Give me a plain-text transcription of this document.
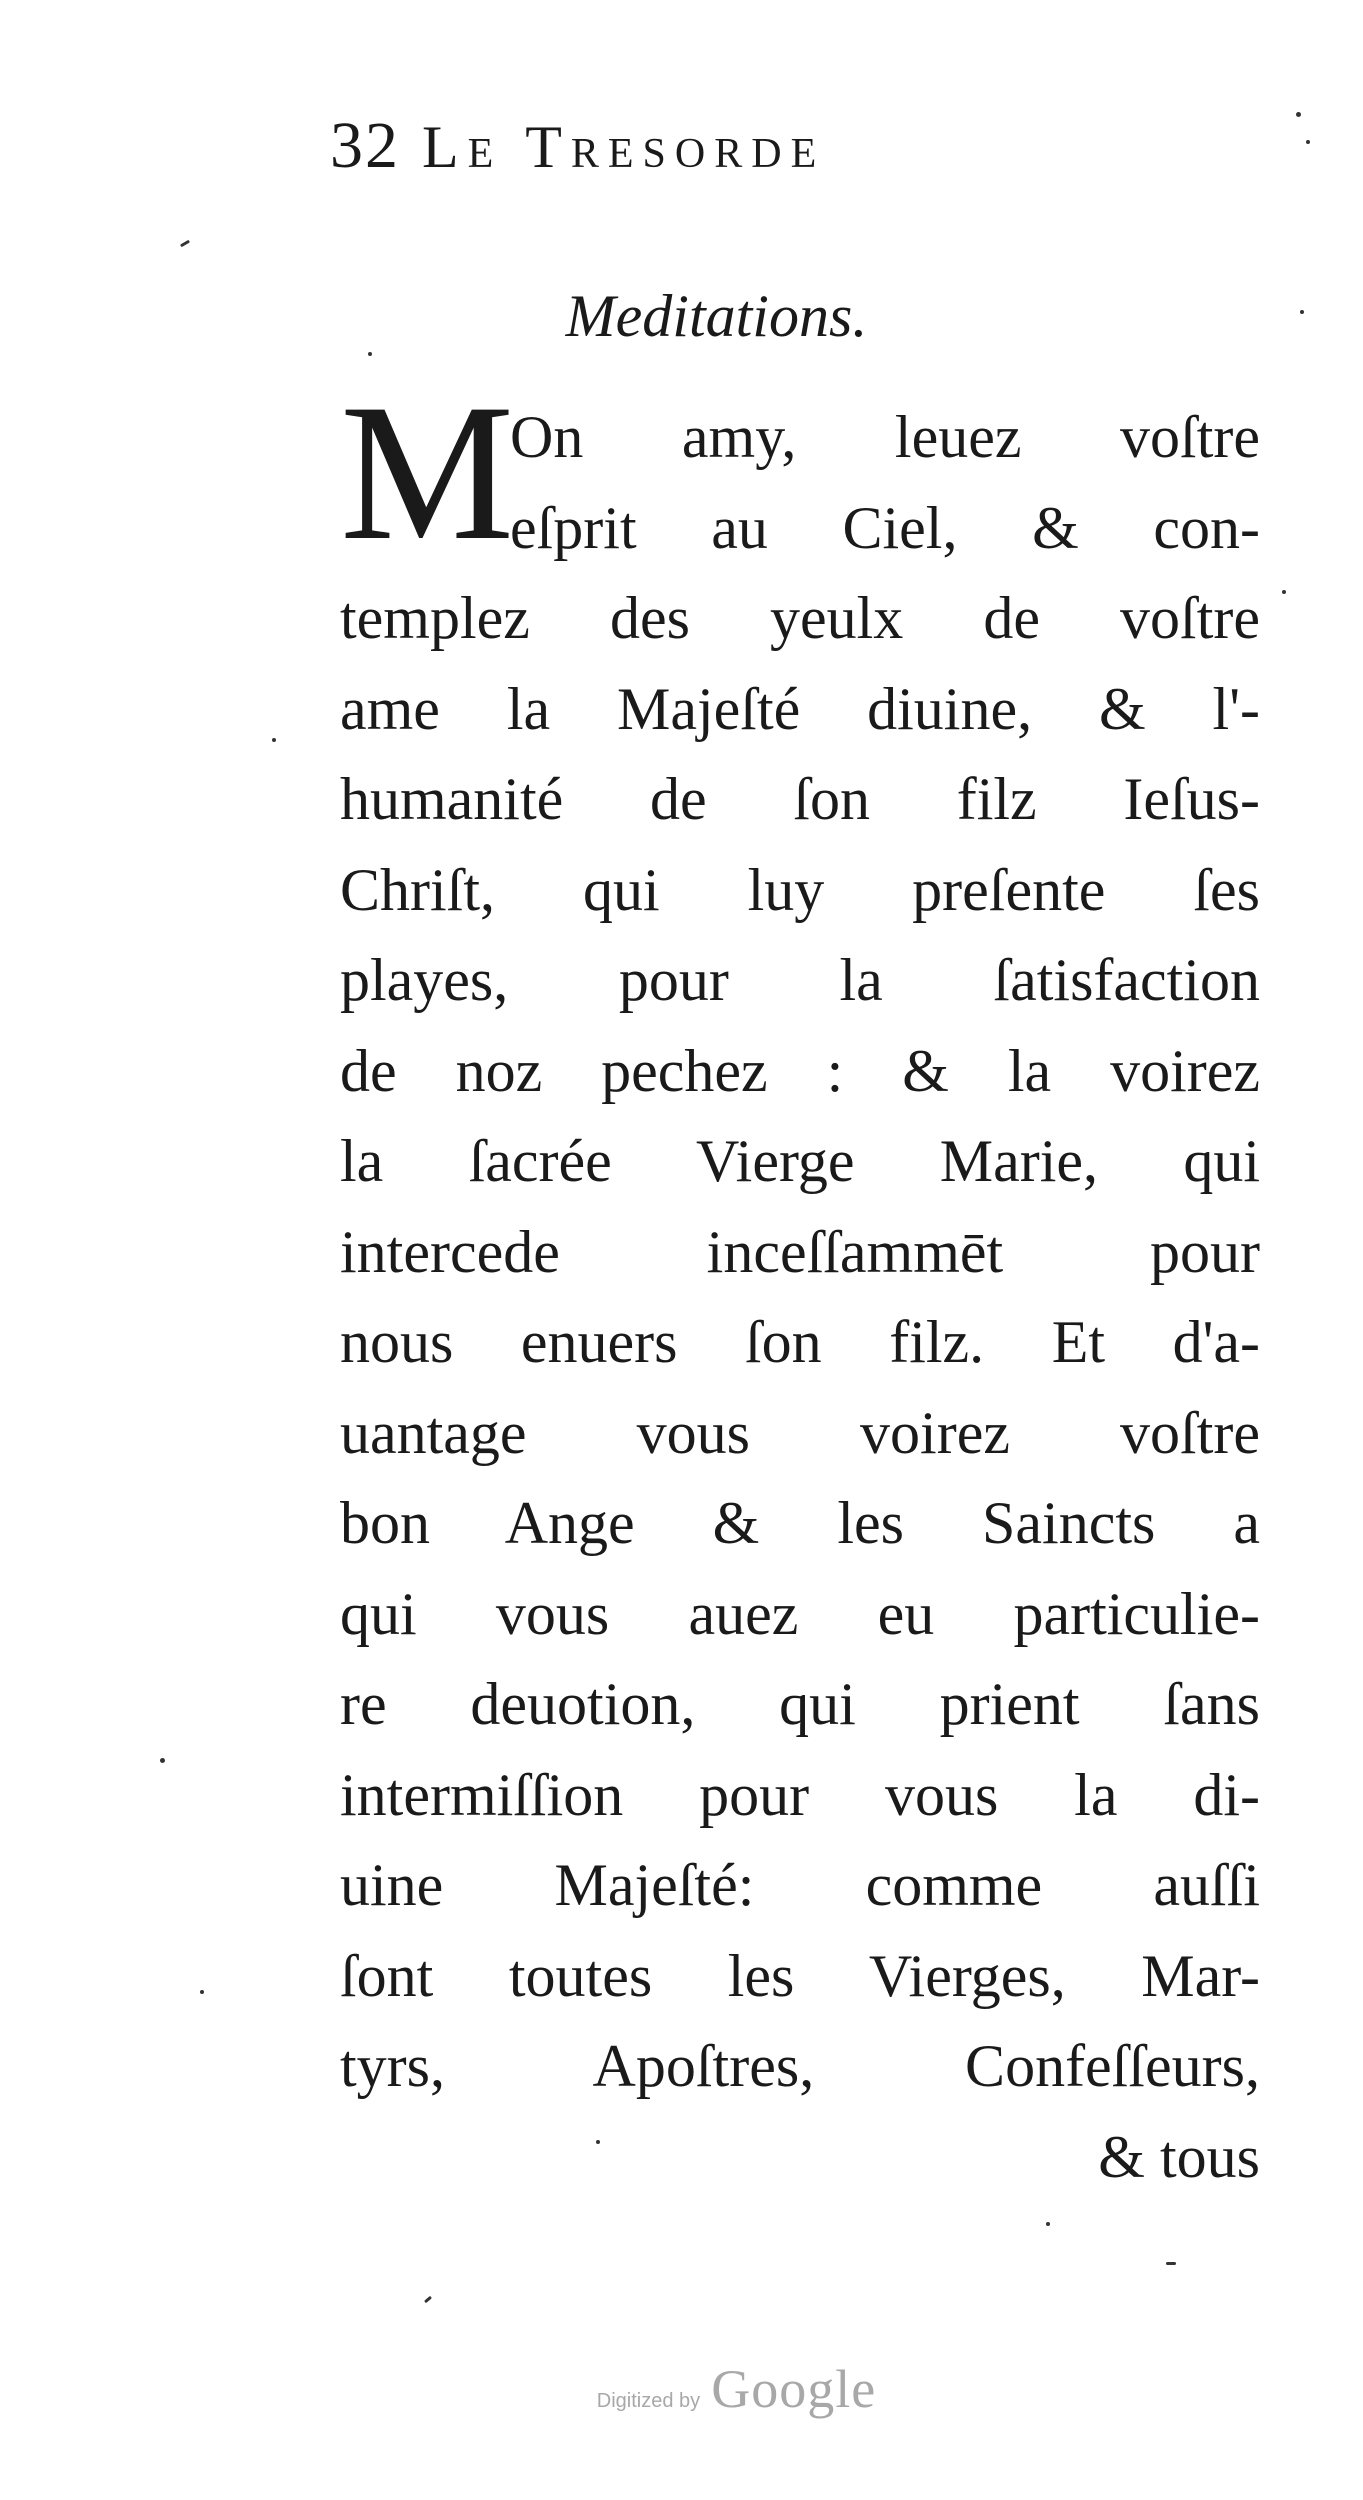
32 Le Tresorde
Meditations.
M
On amy, leuez voſtre
eſprit au Ciel, & con-
templez des yeulx de voſtre
ame la Majeſté diuine, & l'-
humanité de ſon filz Ieſus-
Chriſt, qui luy preſente ſes
playes, pour la ſatisfaction
de noz pechez : & la voirez
la ſacrée Vierge Marie, qui
intercede inceſſammēt pour
nous enuers ſon filz. Et d'a-
uantage vous voirez voſtre
bon Ange & les Saincts a
qui vous auez eu particulie-
re deuotion, qui prient ſans
intermiſſion pour vous la di-
uine Majeſté: comme auſſi
ſont toutes les Vierges, Mar-
tyrs, Apoſtres, Confeſſeurs,
& tous
Digitized by Google
